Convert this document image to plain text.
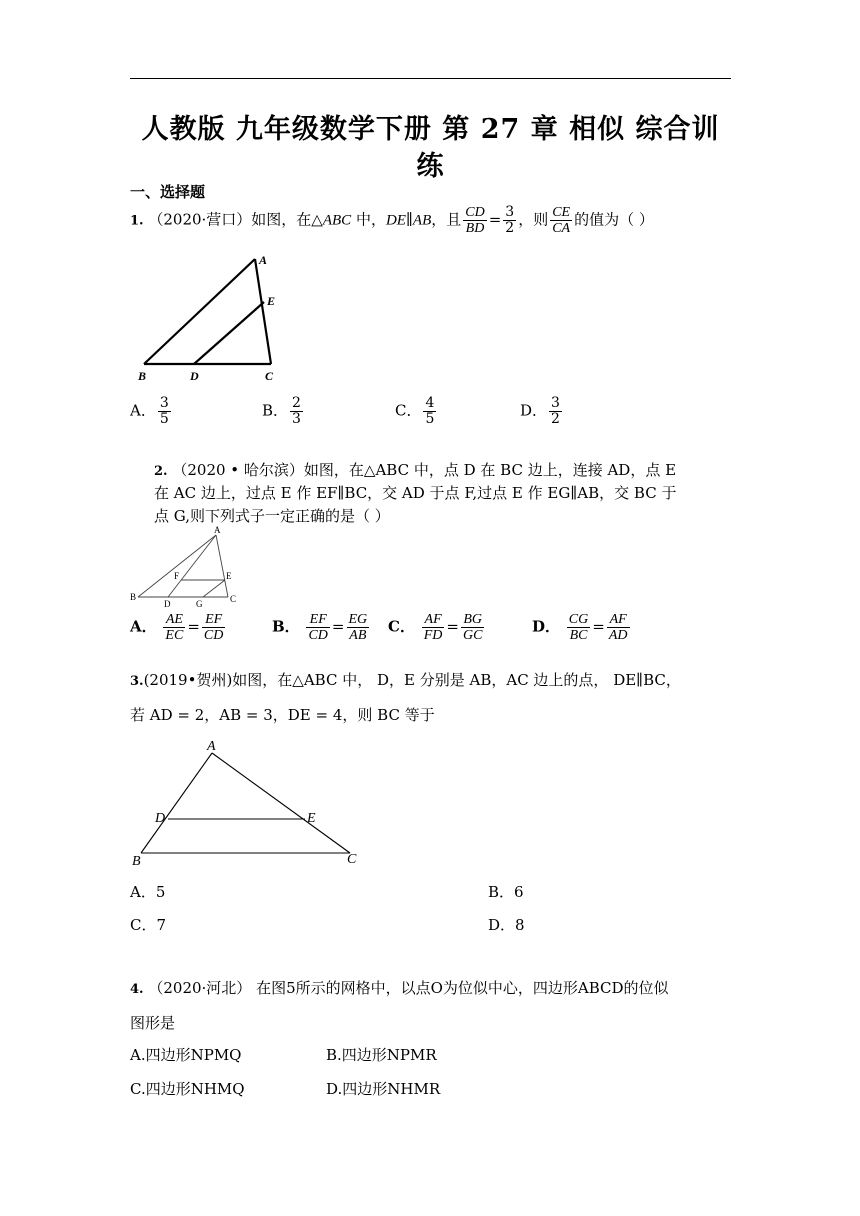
人教版 九年级数学下册 第 27 章 相似 综合训
练
一、选择题
1. （2020·营口）如图，在△ABC 中，DE∥AB，且 $\frac{CD}{BD} = \frac{3}{2}$ ，则 $\frac{CE}{CA}$ 的值为（ ）
A
E
B	D	C
A． $\frac{3}{5}$	B． $\frac{2}{3}$	C． $\frac{4}{5}$	D． $\frac{3}{2}$
2. （2020 • 哈尔滨）如图，在△ABC 中，点 D 在 BC 边上，连接 AD，点 E
在 AC 边上，过点 E 作 EF∥BC，交 AD 于点 F,过点 E 作 EG∥AB，交 BC 于
点 G,则下列式子一定正确的是（ ）
A
F	E
B
D	G	C
A． $\frac{AE}{EC} = \frac{EF}{CD}$	B． $\frac{EF}{CD} = \frac{EG}{AB}$ C． $\frac{AF}{FD} = \frac{BG}{GC}$	D． $\frac{CG}{BC} = \frac{AF}{AD}$
3.(2019•贺州)如图，在△ABC 中， D，E 分别是 AB，AC 边上的点， DE∥BC，
若 AD = 2，AB = 3，DE = 4，则 BC 等于
A
D	E
B	C
A．5	B．6
C．7	D．8
4. （2020·河北） 在图5所示的网格中，以点O为位似中心，四边形ABCD的位似
图形是
A.四边形NPMQ	B.四边形NPMR
C.四边形NHMQ	D.四边形NHMR
